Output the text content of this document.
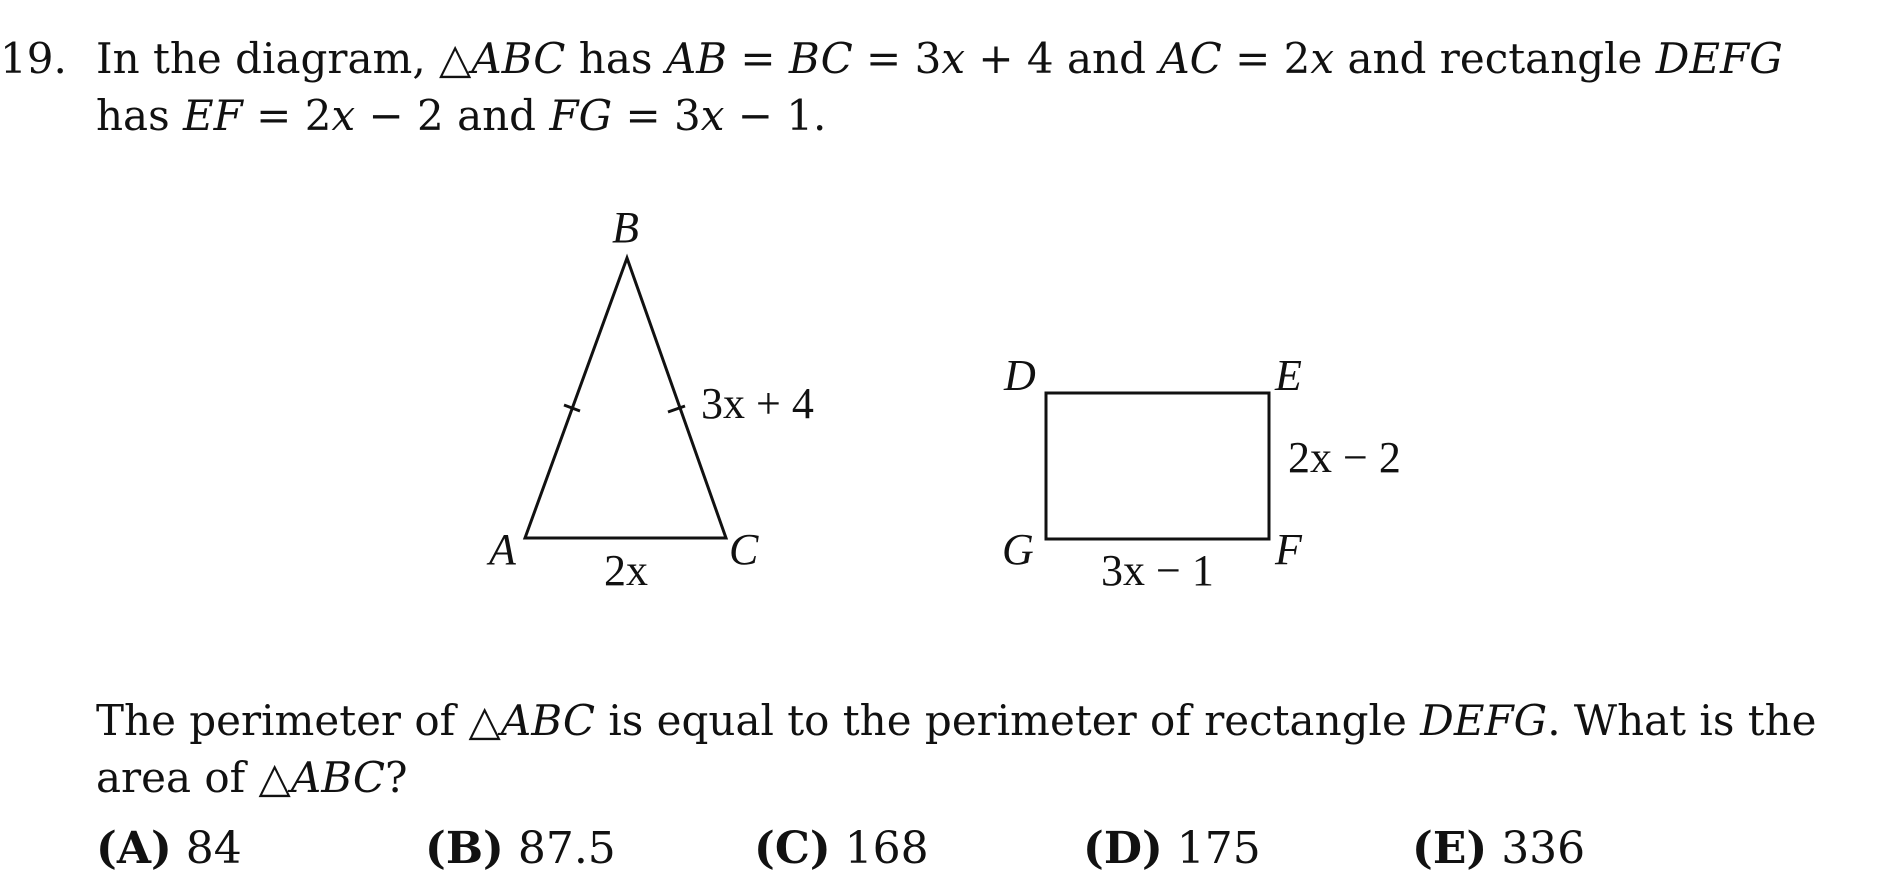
19. In the diagram, △ABC has AB = BC = 3x + 4 and AC = 2x and rectangle DEFG
has EF = 2x − 2 and FG = 3x − 1.
B
A	C
3x + 4
2x
D	E
F
G
2x − 2
3x − 1
The perimeter of △ABC is equal to the perimeter of rectangle DEFG. What is the
area of △ABC?
(A) 84	(B) 87.5	(C) 168	(D) 175	(E) 336
